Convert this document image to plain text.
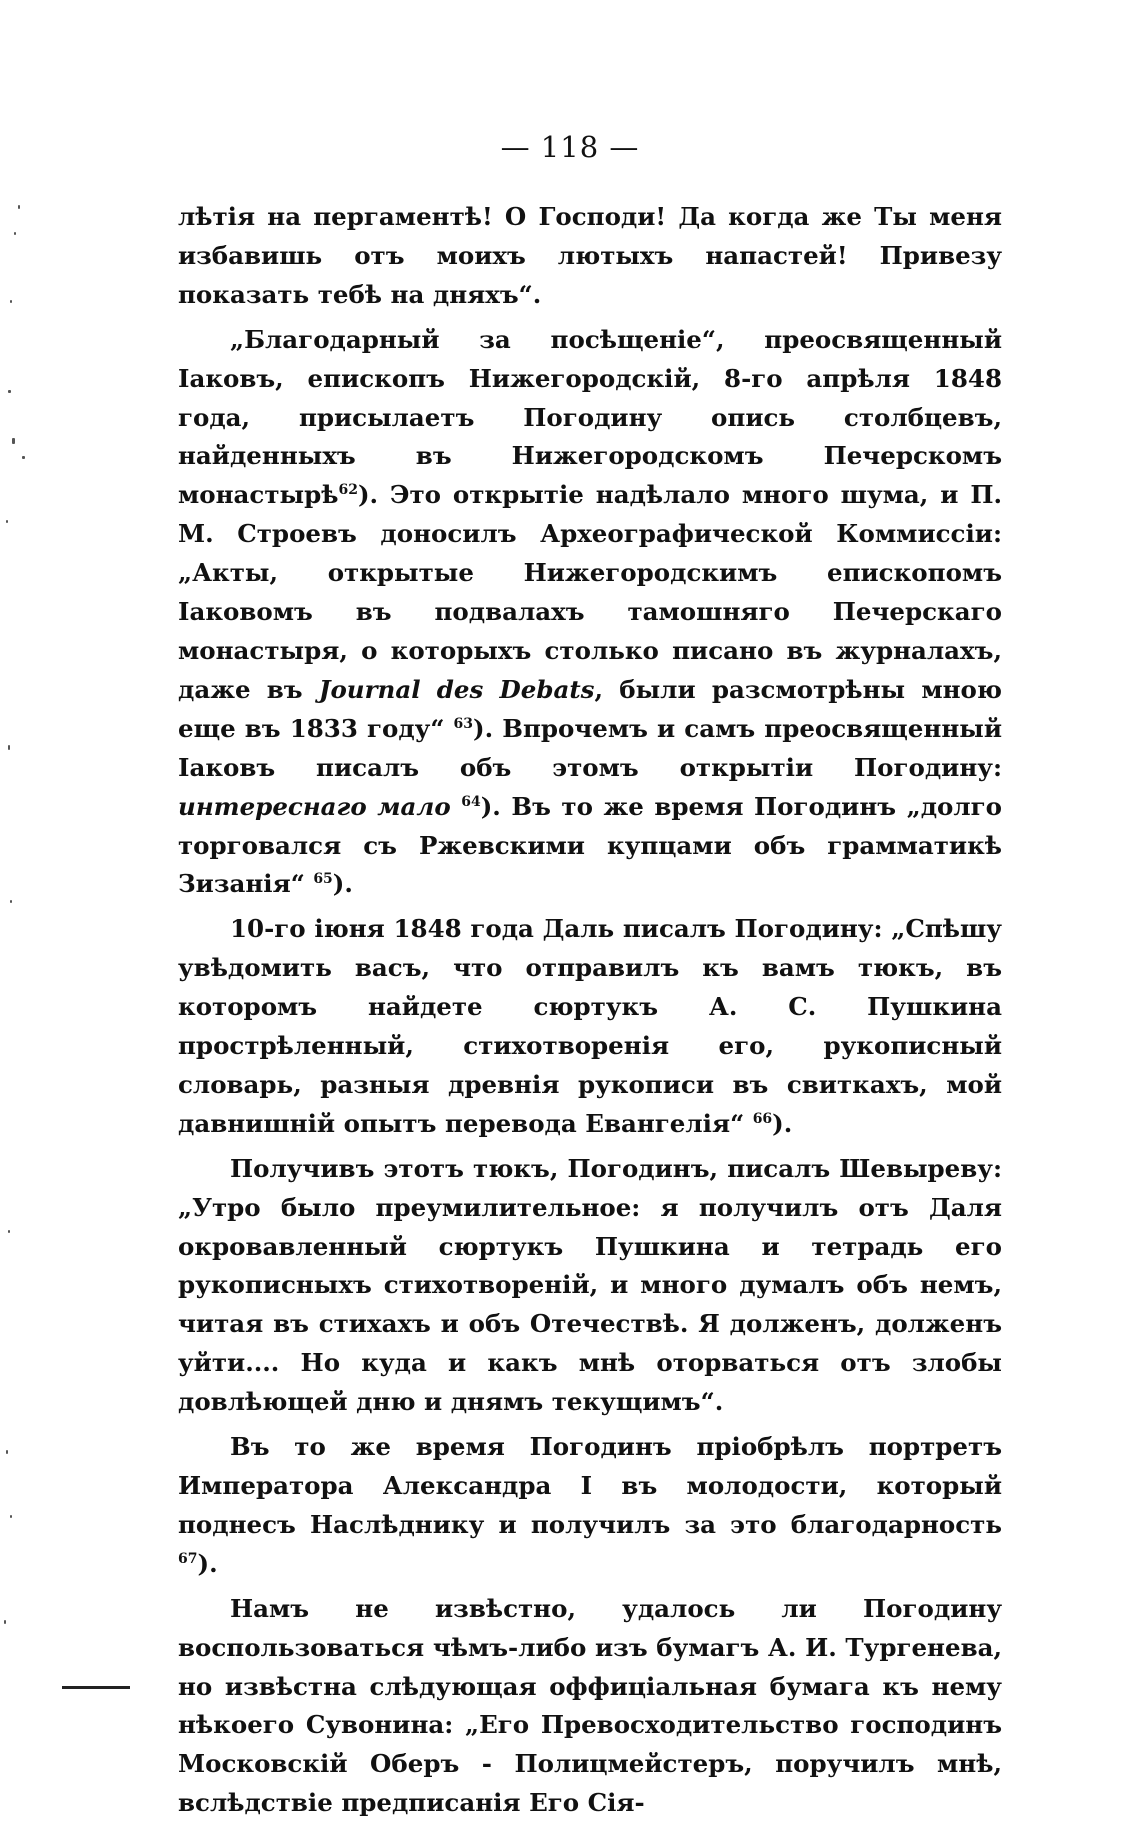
— 118 —

лѣтія на пергаментѣ! О Господи! Да когда же Ты меня избавишь отъ моихъ лютыхъ напастей! Привезу показать тебѣ на дняхъ“.

„Благодарный за посѣщеніе“, преосвященный Іаковъ, епископъ Нижегородскій, 8-го апрѣля 1848 года, присылаетъ Погодину опись столбцевъ, найденныхъ въ Нижегородскомъ Печерскомъ монастырѣ$^{62}$). Это открытіе надѣлало много шума, и П. М. Строевъ доносилъ Археографической Коммиссіи: „Акты, открытые Нижегородскимъ епископомъ Іаковомъ въ подвалахъ тамошняго Печерскаго монастыря, о которыхъ столько писано въ журналахъ, даже въ Journal des Debats, были разсмотрѣны мною еще въ 1833 году“ $^{63}$). Впрочемъ и самъ преосвященный Іаковъ писалъ объ этомъ открытіи Погодину: интереснаго мало $^{64}$). Въ то же время Погодинъ „долго торговался съ Ржевскими купцами объ грамматикѣ Зизанія“ $^{65}$).

10-го іюня 1848 года Даль писалъ Погодину: „Спѣшу увѣдомить васъ, что отправилъ къ вамъ тюкъ, въ которомъ найдете сюртукъ А. С. Пушкина прострѣленный, стихотворенія его, рукописный словарь, разныя древнія рукописи въ свиткахъ, мой давнишній опытъ перевода Евангелія“ $^{66}$).

Получивъ этотъ тюкъ, Погодинъ, писалъ Шевыреву: „Утро было преумилительное: я получилъ отъ Даля окровавленный сюртукъ Пушкина и тетрадь его рукописныхъ стихотвореній, и много думалъ объ немъ, читая въ стихахъ и объ Отечествѣ. Я долженъ, долженъ уйти.... Но куда и какъ мнѣ оторваться отъ злобы довлѣющей дню и днямъ текущимъ“.

Въ то же время Погодинъ пріобрѣлъ портретъ Императора Александра I въ молодости, который поднесъ Наслѣднику и получилъ за это благодарность $^{67}$).

Намъ не извѣстно, удалось ли Погодину воспользоваться чѣмъ-либо изъ бумагъ А. И. Тургенева, но извѣстна слѣдующая оффиціальная бумага къ нему нѣкоего Сувонина: „Его Превосходительство господинъ Московскій Оберъ - Полицмейстеръ, поручилъ мнѣ, вслѣдствіе предписанія Его Сія-
